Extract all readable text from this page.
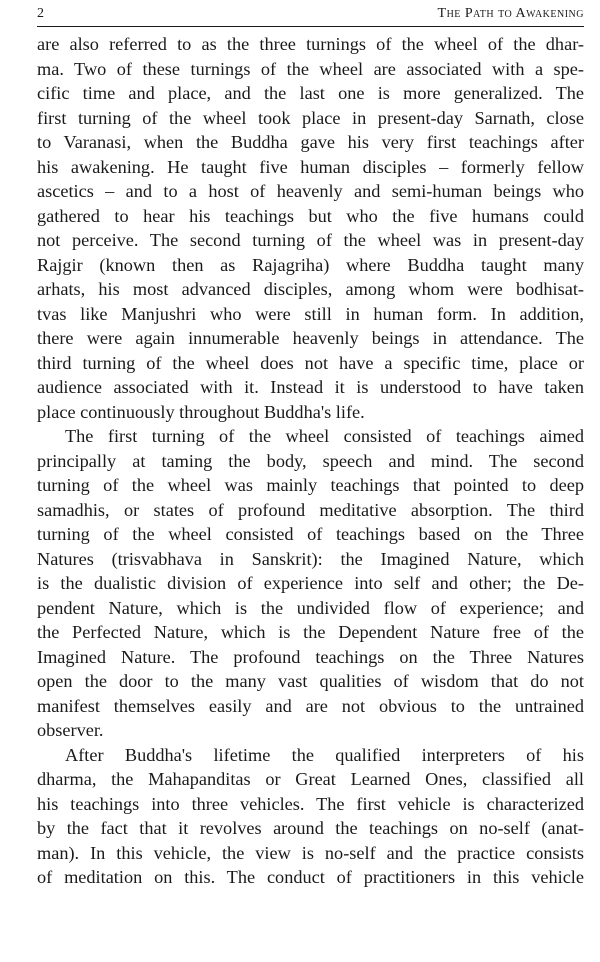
2	The Path to Awakening
are also referred to as the three turnings of the wheel of the dhar-
ma. Two of these turnings of the wheel are associated with a spe-
cific time and place, and the last one is more generalized. The
first turning of the wheel took place in present-day Sarnath, close
to Varanasi, when the Buddha gave his very first teachings after
his awakening. He taught five human disciples – formerly fellow
ascetics – and to a host of heavenly and semi-human beings who
gathered to hear his teachings but who the five humans could
not perceive. The second turning of the wheel was in present-day
Rajgir (known then as Rajagriha) where Buddha taught many
arhats, his most advanced disciples, among whom were bodhisat-
tvas like Manjushri who were still in human form. In addition,
there were again innumerable heavenly beings in attendance. The
third turning of the wheel does not have a specific time, place or
audience associated with it. Instead it is understood to have taken
place continuously throughout Buddha's life.
The first turning of the wheel consisted of teachings aimed
principally at taming the body, speech and mind. The second
turning of the wheel was mainly teachings that pointed to deep
samadhis, or states of profound meditative absorption. The third
turning of the wheel consisted of teachings based on the Three
Natures (trisvabhava in Sanskrit): the Imagined Nature, which
is the dualistic division of experience into self and other; the De-
pendent Nature, which is the undivided flow of experience; and
the Perfected Nature, which is the Dependent Nature free of the
Imagined Nature. The profound teachings on the Three Natures
open the door to the many vast qualities of wisdom that do not
manifest themselves easily and are not obvious to the untrained
observer.
After Buddha's lifetime the qualified interpreters of his
dharma, the Mahapanditas or Great Learned Ones, classified all
his teachings into three vehicles. The first vehicle is characterized
by the fact that it revolves around the teachings on no-self (anat-
man). In this vehicle, the view is no-self and the practice consists
of meditation on this. The conduct of practitioners in this vehicle
